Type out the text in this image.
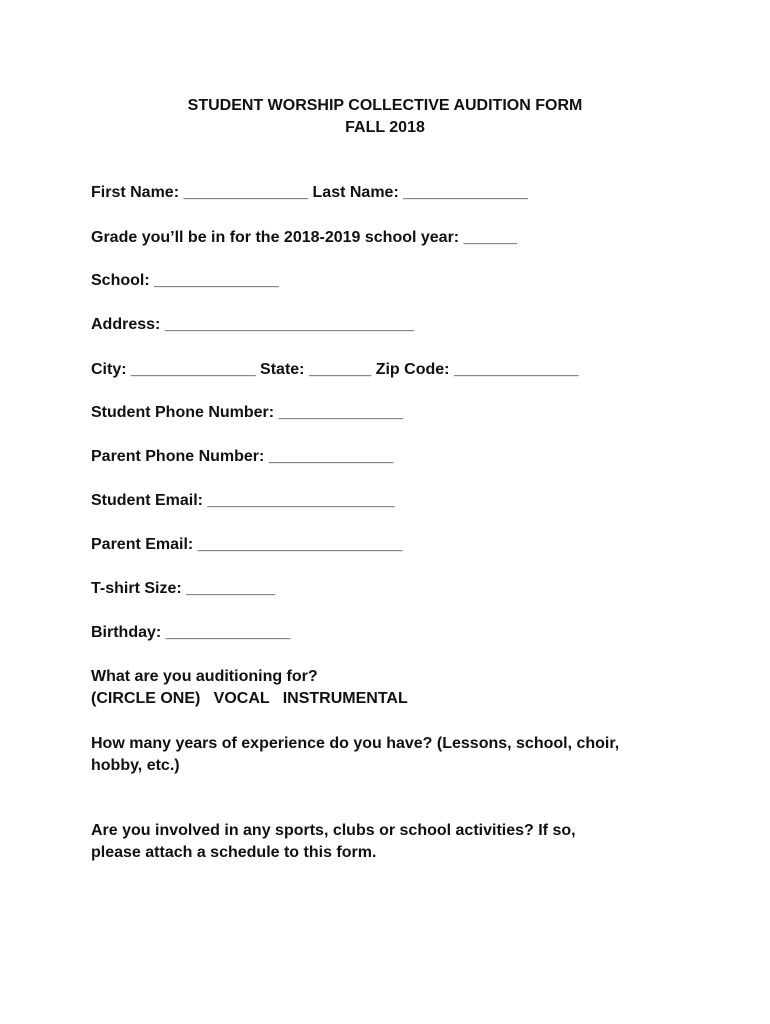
STUDENT WORSHIP COLLECTIVE AUDITION FORM
FALL 2018
First Name: ______________ Last Name: ______________
Grade you’ll be in for the 2018-2019 school year: ______
School: ______________
Address: ____________________________
City: ______________ State: _______ Zip Code: ______________
Student Phone Number: ______________
Parent Phone Number: ______________
Student Email: _____________________
Parent Email: _______________________
T-shirt Size: __________
Birthday: ______________
What are you auditioning for?
(CIRCLE ONE)   VOCAL   INSTRUMENTAL
How many years of experience do you have? (Lessons, school, choir,
hobby, etc.)
Are you involved in any sports, clubs or school activities? If so,
please attach a schedule to this form.
